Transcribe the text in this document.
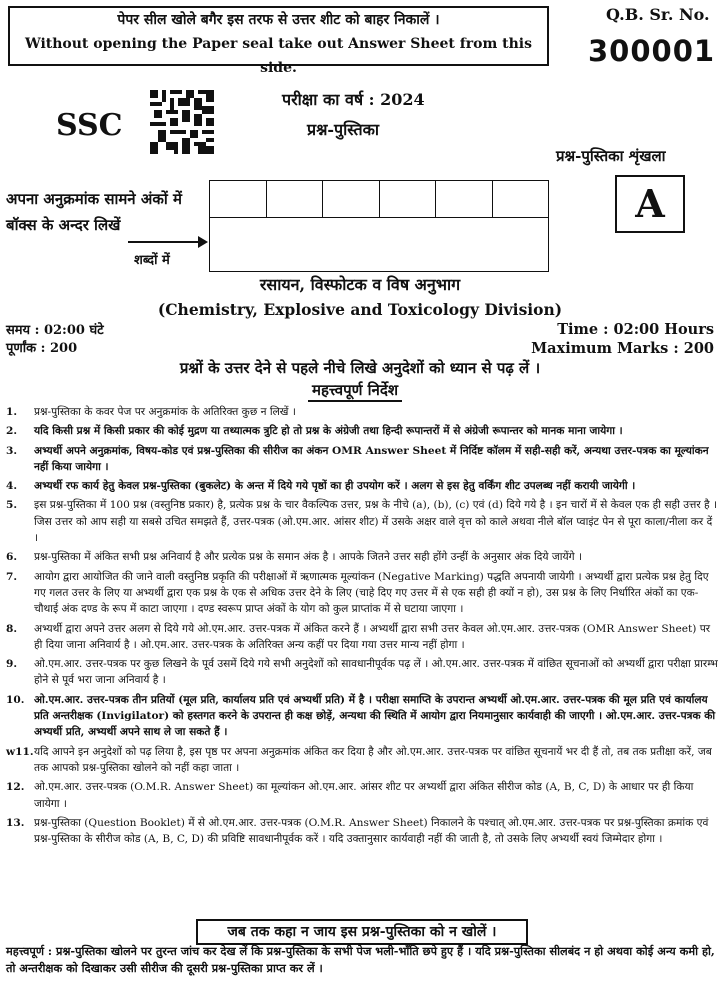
पेपर सील खोले बगैर इस तरफ से उत्तर शीट को बाहर निकालें ।
Without opening the Paper seal take out Answer Sheet from this side.
Q.B. Sr. No.
300001
SSC
परीक्षा का वर्ष : 2024
प्रश्न-पुस्तिका
प्रश्न-पुस्तिका शृंखला
A
अपना अनुक्रमांक सामने अंकों में बॉक्स के अन्दर लिखें
शब्दों में
रसायन, विस्फोटक व विष अनुभाग
(Chemistry, Explosive and Toxicology Division)
समय : 02:00 घंटे
पूर्णांक : 200
Time : 02:00 Hours
Maximum Marks : 200
प्रश्नों के उत्तर देने से पहले नीचे लिखे अनुदेशों को ध्यान से पढ़ लें ।
महत्त्वपूर्ण निर्देश
1.	प्रश्न-पुस्तिका के कवर पेज पर अनुक्रमांक के अतिरिक्त कुछ न लिखें ।
2.	यदि किसी प्रश्न में किसी प्रकार की कोई मुद्रण या तथ्यात्मक त्रुटि हो तो प्रश्न के अंग्रेजी तथा हिन्दी रूपान्तरों में से अंग्रेजी रूपान्तर को मानक माना जायेगा ।
3.	अभ्यर्थी अपने अनुक्रमांक, विषय-कोड एवं प्रश्न-पुस्तिका की सीरीज का अंकन OMR Answer Sheet में निर्दिष्ट कॉलम में सही-सही करें, अन्यथा उत्तर-पत्रक का मूल्यांकन नहीं किया जायेगा ।
4.	अभ्यर्थी रफ कार्य हेतु केवल प्रश्न-पुस्तिका (बुकलेट) के अन्त में दिये गये पृष्ठों का ही उपयोग करें । अलग से इस हेतु वर्किंग शीट उपलब्ध नहीं करायी जायेगी ।
5.	इस प्रश्न-पुस्तिका में 100 प्रश्न (वस्तुनिष्ठ प्रकार) है, प्रत्येक प्रश्न के चार वैकल्पिक उत्तर, प्रश्न के नीचे (a), (b), (c) एवं (d) दिये गये है । इन चारों में से केवल एक ही सही उत्तर है । जिस उत्तर को आप सही या सबसे उचित समझते हैं, उत्तर-पत्रक (ओ.एम.आर. आंसर शीट) में उसके अक्षर वाले वृत्त को काले अथवा नीले बॉल प्वाइंट पेन से पूरा काला/नीला कर दें ।
6.	प्रश्न-पुस्तिका में अंकित सभी प्रश्न अनिवार्य है और प्रत्येक प्रश्न के समान अंक है । आपके जितने उत्तर सही होंगे उन्हीं के अनुसार अंक दिये जायेंगे ।
7.	आयोग द्वारा आयोजित की जाने वाली वस्तुनिष्ठ प्रकृति की परीक्षाओं में ऋणात्मक मूल्यांकन (Negative Marking) पद्धति अपनायी जायेगी । अभ्यर्थी द्वारा प्रत्येक प्रश्न हेतु दिए गए गलत उत्तर के लिए या अभ्यर्थी द्वारा एक प्रश्न के एक से अधिक उत्तर देने के लिए (चाहे दिए गए उत्तर में से एक सही ही क्यों न हो), उस प्रश्न के लिए निर्धारित अंकों का एक-चौथाई अंक दण्ड के रूप में काटा जाएगा । दण्ड स्वरूप प्राप्त अंकों के योग को कुल प्राप्तांक में से घटाया जाएगा ।
8.	अभ्यर्थी द्वारा अपने उत्तर अलग से दिये गये ओ.एम.आर. उत्तर-पत्रक में अंकित करने हैं । अभ्यर्थी द्वारा सभी उत्तर केवल ओ.एम.आर. उत्तर-पत्रक (OMR Answer Sheet) पर ही दिया जाना अनिवार्य है । ओ.एम.आर. उत्तर-पत्रक के अतिरिक्त अन्य कहीं पर दिया गया उत्तर मान्य नहीं होगा ।
9.	ओ.एम.आर. उत्तर-पत्रक पर कुछ लिखने के पूर्व उसमें दिये गये सभी अनुदेशों को सावधानीपूर्वक पढ़ लें । ओ.एम.आर. उत्तर-पत्रक में वांछित सूचनाओं को अभ्यर्थी द्वारा परीक्षा प्रारम्भ होने से पूर्व भरा जाना अनिवार्य है ।
10. ओ.एम.आर. उत्तर-पत्रक तीन प्रतियों (मूल प्रति, कार्यालय प्रति एवं अभ्यर्थी प्रति) में है । परीक्षा समाप्ति के उपरान्त अभ्यर्थी ओ.एम.आर. उत्तर-पत्रक की मूल प्रति एवं कार्यालय प्रति अन्तरीक्षक (Invigilator) को हस्तगत करने के उपरान्त ही कक्ष छोड़ें, अन्यथा की स्थिति में आयोग द्वारा नियमानुसार कार्यवाही की जाएगी । ओ.एम.आर. उत्तर-पत्रक की अभ्यर्थी प्रति, अभ्यर्थी अपने साथ ले जा सकते हैं ।
w11. यदि आपने इन अनुदेशों को पढ़ लिया है, इस पृष्ठ पर अपना अनुक्रमांक अंकित कर दिया है और ओ.एम.आर. उत्तर-पत्रक पर वांछित सूचनायें भर दी हैं तो, तब तक प्रतीक्षा करें, जब तक आपको प्रश्न-पुस्तिका खोलने को नहीं कहा जाता ।
12. ओ.एम.आर. उत्तर-पत्रक (O.M.R. Answer Sheet) का मूल्यांकन ओ.एम.आर. आंसर शीट पर अभ्यर्थी द्वारा अंकित सीरीज कोड (A, B, C, D) के आधार पर ही किया जायेगा ।
13. प्रश्न-पुस्तिका (Question Booklet) में से ओ.एम.आर. उत्तर-पत्रक (O.M.R. Answer Sheet) निकालने के पश्चात् ओ.एम.आर. उत्तर-पत्रक पर प्रश्न-पुस्तिका क्रमांक एवं प्रश्न-पुस्तिका के सीरीज कोड (A, B, C, D) की प्रविष्टि सावधानीपूर्वक करें । यदि उक्तानुसार कार्यवाही नहीं की जाती है, तो उसके लिए अभ्यर्थी स्वयं जिम्मेदार होगा ।
जब तक कहा न जाय इस प्रश्न-पुस्तिका को न खोलें ।
महत्त्वपूर्ण : प्रश्न-पुस्तिका खोलने पर तुरन्त जांच कर देख लें कि प्रश्न-पुस्तिका के सभी पेज भली-भाँति छपे हुए हैं । यदि प्रश्न-पुस्तिका सीलबंद न हो अथवा कोई अन्य कमी हो, तो अन्तरीक्षक को दिखाकर उसी सीरीज की दूसरी प्रश्न-पुस्तिका प्राप्त कर लें ।
